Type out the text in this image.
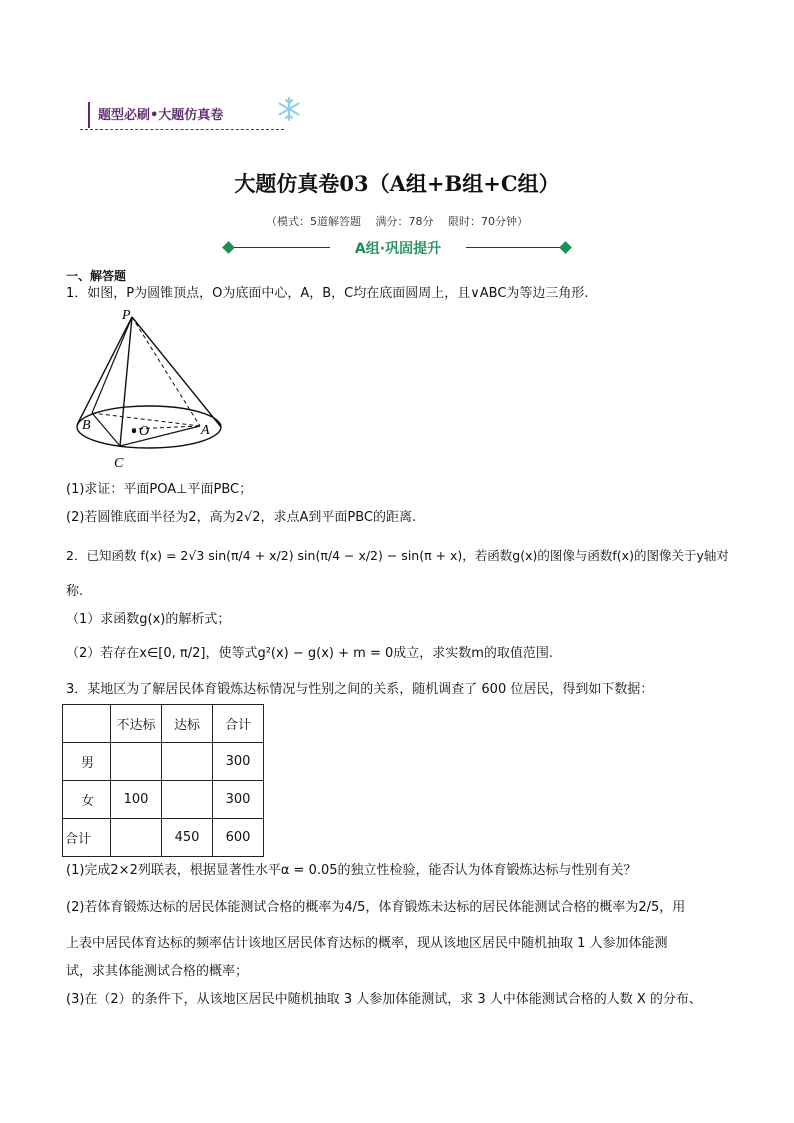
题型必刷•大题仿真卷
大题仿真卷03（A组+B组+C组）
（模式：5道解答题　 满分：78分　 限时：70分钟）
A组·巩固提升
一、解答题
1．如图，P为圆锥顶点，O为底面中心，A，B，C均在底面圆周上，且∨ABC为等边三角形.
P
B	O	A
C
(1)求证：平面POA⊥平面PBC；
(2)若圆锥底面半径为2，高为2√2，求点A到平面PBC的距离.
2．已知函数 f(x) = 2√3 sin(π/4 + x/2) sin(π/4 − x/2) − sin(π + x)，若函数g(x)的图像与函数f(x)的图像关于y轴对
称.
（1）求函数g(x)的解析式；
（2）若存在x∈[0, π/2]，使等式g²(x) − g(x) + m = 0成立，求实数m的取值范围.
3．某地区为了解居民体育锻炼达标情况与性别之间的关系，随机调查了 600 位居民，得到如下数据：
	不达标	达标	合计
男			300
女	100		300
合计		450	600
(1)完成2×2列联表，根据显著性水平α = 0.05的独立性检验，能否认为体育锻炼达标与性别有关？
(2)若体育锻炼达标的居民体能测试合格的概率为4/5，体育锻炼未达标的居民体能测试合格的概率为2/5，用
上表中居民体育达标的频率估计该地区居民体育达标的概率，现从该地区居民中随机抽取 1 人参加体能测
试，求其体能测试合格的概率；
(3)在（2）的条件下，从该地区居民中随机抽取 3 人参加体能测试，求 3 人中体能测试合格的人数 X 的分布、
